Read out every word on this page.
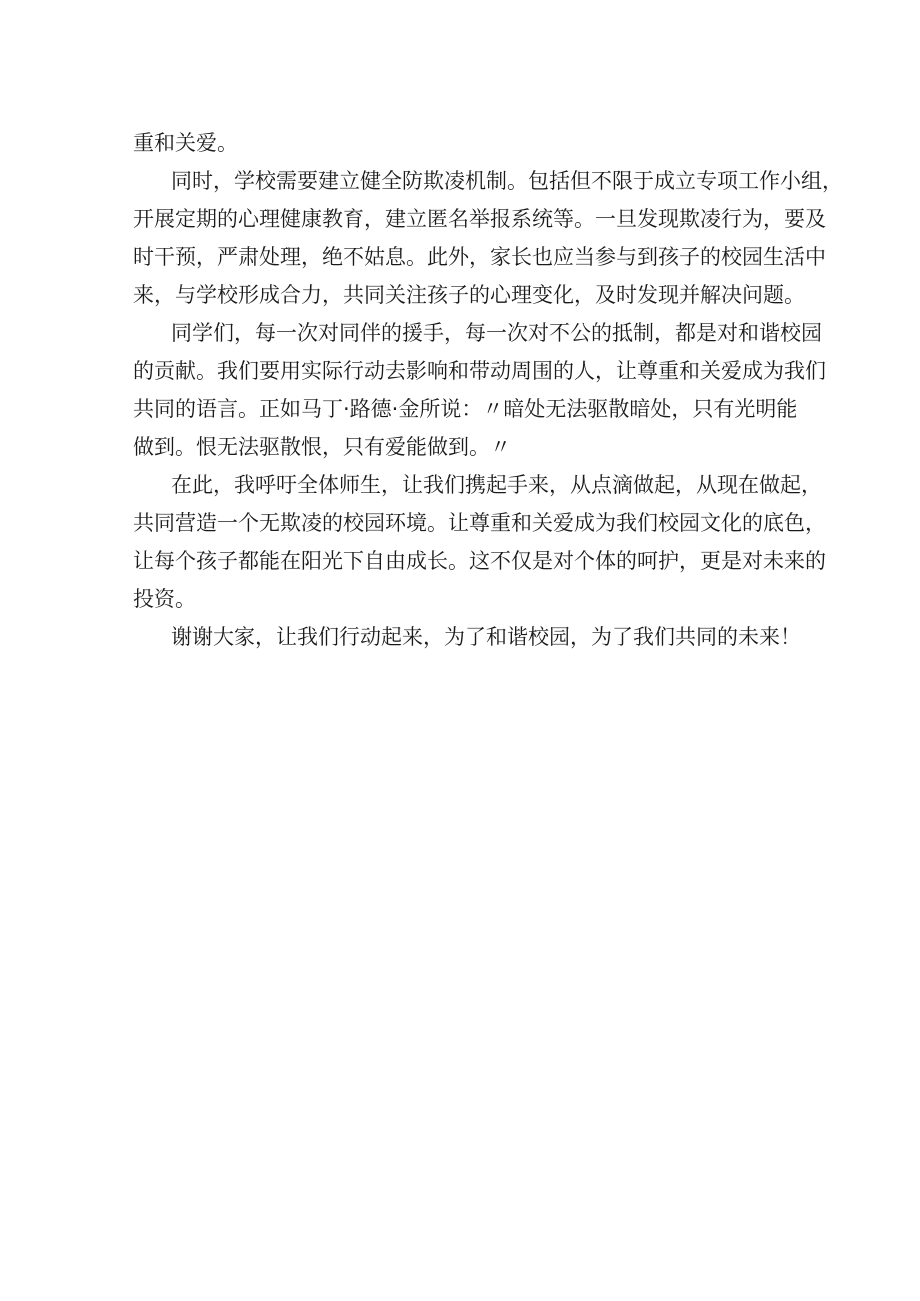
重和关爱。
同时，学校需要建立健全防欺凌机制。包括但不限于成立专项工作小组，
开展定期的心理健康教育，建立匿名举报系统等。一旦发现欺凌行为，要及
时干预，严肃处理，绝不姑息。此外，家长也应当参与到孩子的校园生活中
来，与学校形成合力，共同关注孩子的心理变化，及时发现并解决问题。
同学们，每一次对同伴的援手，每一次对不公的抵制，都是对和谐校园
的贡献。我们要用实际行动去影响和带动周围的人，让尊重和关爱成为我们
共同的语言。正如马丁·路德·金所说：〃暗处无法驱散暗处，只有光明能
做到。恨无法驱散恨，只有爱能做到。〃
在此，我呼吁全体师生，让我们携起手来，从点滴做起，从现在做起，
共同营造一个无欺凌的校园环境。让尊重和关爱成为我们校园文化的底色，
让每个孩子都能在阳光下自由成长。这不仅是对个体的呵护，更是对未来的
投资。
谢谢大家，让我们行动起来，为了和谐校园，为了我们共同的未来！
